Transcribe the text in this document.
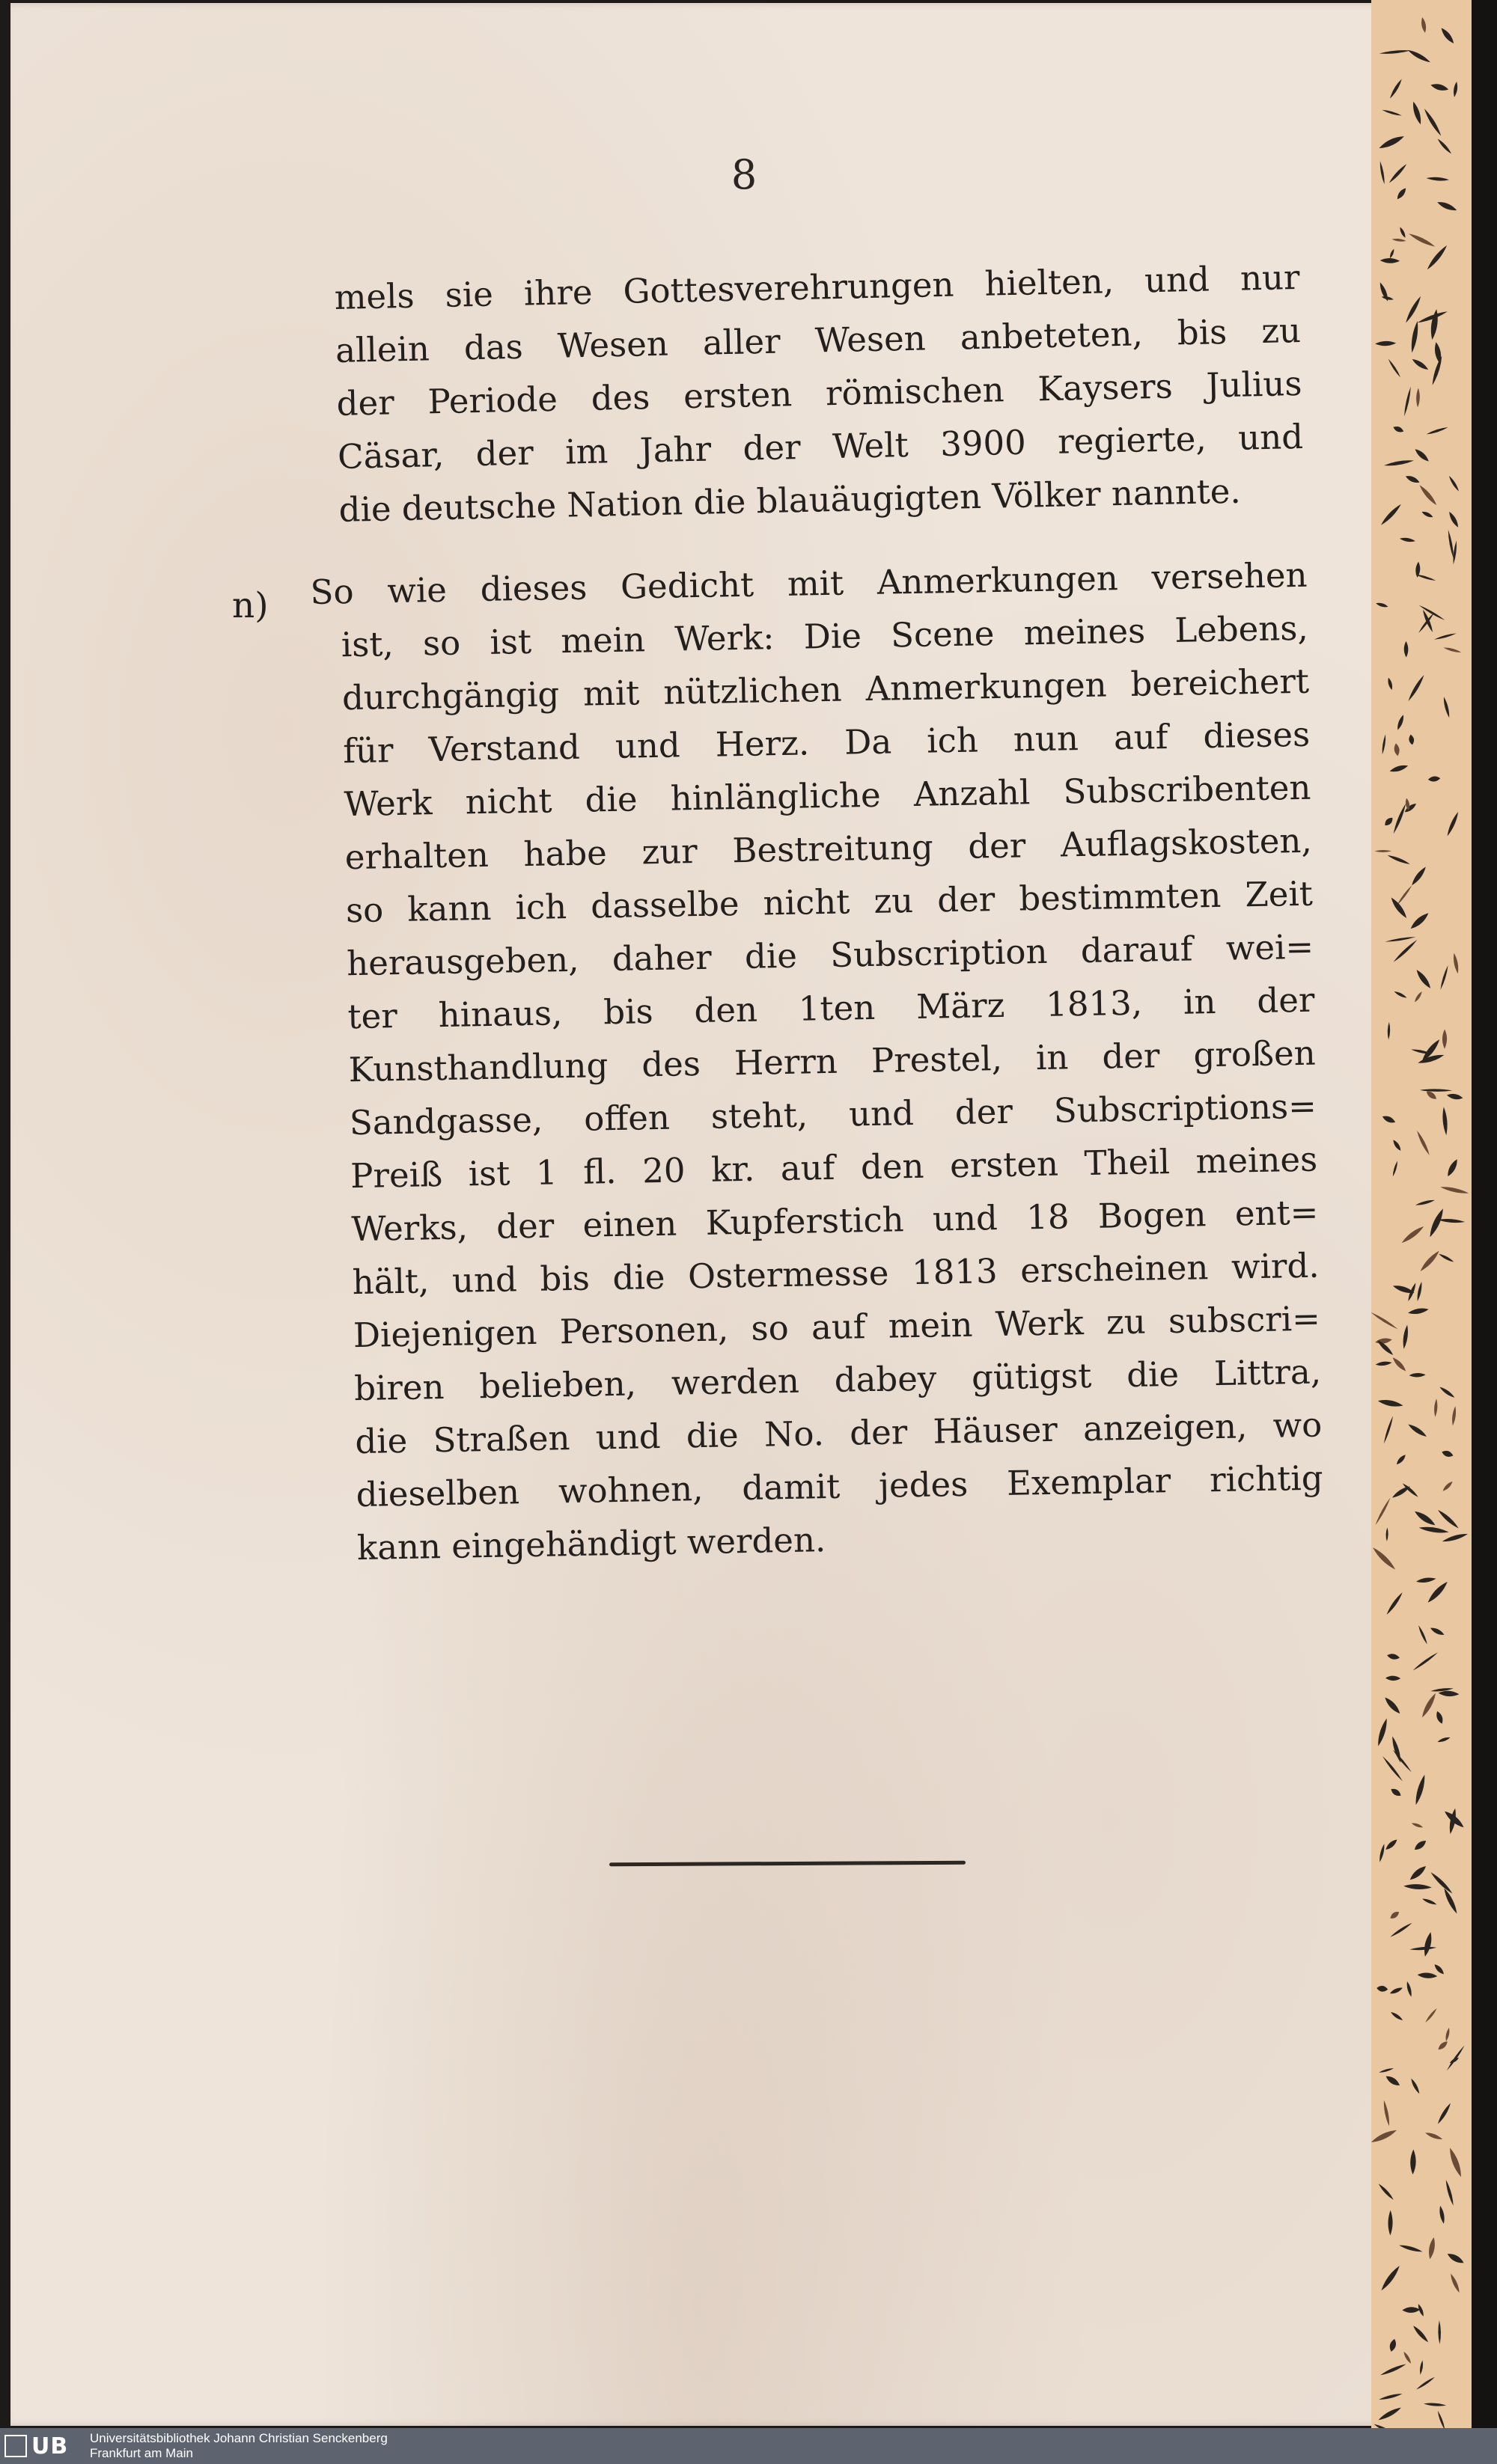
8
mels sie ihre Gottesverehrungen hielten, und nur
allein das Wesen aller Wesen anbeteten, bis zu
der Periode des ersten römischen Kaysers Julius
Cäsar, der im Jahr der Welt 3900 regierte, und
die deutsche Nation die blauäugigten Völker nannte.
n) So wie dieses Gedicht mit Anmerkungen versehen
ist, so ist mein Werk: Die Scene meines Lebens,
durchgängig mit nützlichen Anmerkungen bereichert
für Verstand und Herz. Da ich nun auf dieses
Werk nicht die hinlängliche Anzahl Subscribenten
erhalten habe zur Bestreitung der Auflagskosten,
so kann ich dasselbe nicht zu der bestimmten Zeit
herausgeben, daher die Subscription darauf wei=
ter hinaus, bis den 1ten März 1813, in der
Kunsthandlung des Herrn Prestel, in der großen
Sandgasse, offen steht, und der Subscriptions=
Preiß ist 1 fl. 20 kr. auf den ersten Theil meines
Werks, der einen Kupferstich und 18 Bogen ent=
hält, und bis die Ostermesse 1813 erscheinen wird.
Diejenigen Personen, so auf mein Werk zu subscri=
biren belieben, werden dabey gütigst die Littra,
die Straßen und die No. der Häuser anzeigen, wo
dieselben wohnen, damit jedes Exemplar richtig
kann eingehändigt werden.
UB Universitätsbibliothek Johann Christian Senckenberg
Frankfurt am Main
